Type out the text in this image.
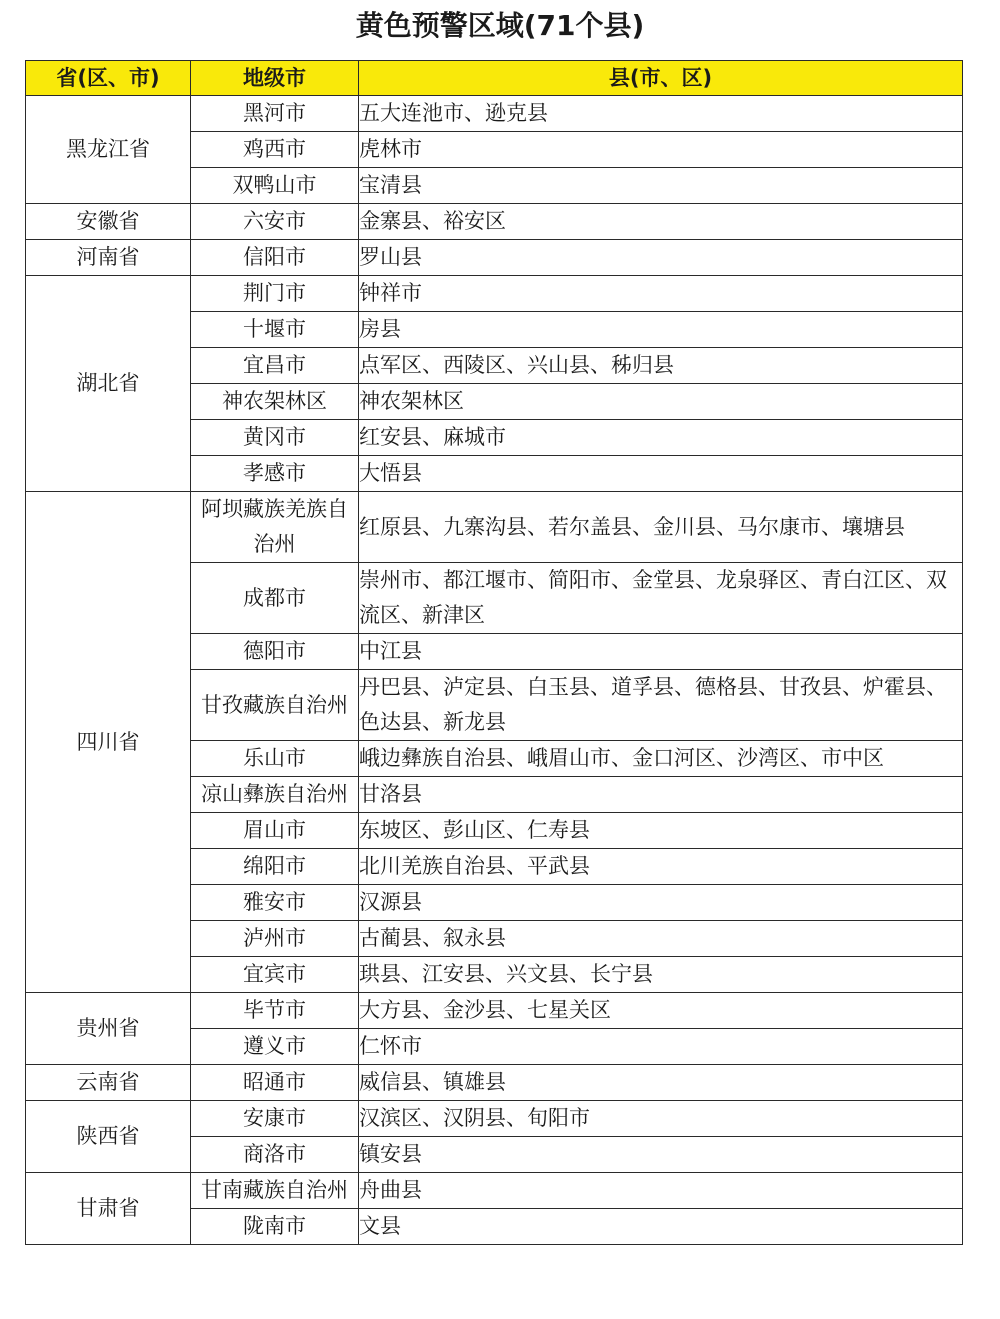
黄色预警区域(71个县)
省(区、市)	地级市	县(市、区)
黑龙江省	黑河市	五大连池市、逊克县
	鸡西市	虎林市
	双鸭山市	宝清县
安徽省	六安市	金寨县、裕安区
河南省	信阳市	罗山县
湖北省	荆门市	钟祥市
	十堰市	房县
	宜昌市	点军区、西陵区、兴山县、秭归县
	神农架林区	神农架林区
	黄冈市	红安县、麻城市
	孝感市	大悟县
四川省	阿坝藏族羌族自治州	红原县、九寨沟县、若尔盖县、金川县、马尔康市、壤塘县
	成都市	崇州市、都江堰市、简阳市、金堂县、龙泉驿区、青白江区、双流区、新津区
	德阳市	中江县
	甘孜藏族自治州	丹巴县、泸定县、白玉县、道孚县、德格县、甘孜县、炉霍县、色达县、新龙县
	乐山市	峨边彝族自治县、峨眉山市、金口河区、沙湾区、市中区
	凉山彝族自治州	甘洛县
	眉山市	东坡区、彭山区、仁寿县
	绵阳市	北川羌族自治县、平武县
	雅安市	汉源县
	泸州市	古蔺县、叙永县
	宜宾市	珙县、江安县、兴文县、长宁县
贵州省	毕节市	大方县、金沙县、七星关区
	遵义市	仁怀市
云南省	昭通市	威信县、镇雄县
陕西省	安康市	汉滨区、汉阴县、旬阳市
	商洛市	镇安县
甘肃省	甘南藏族自治州	舟曲县
	陇南市	文县
